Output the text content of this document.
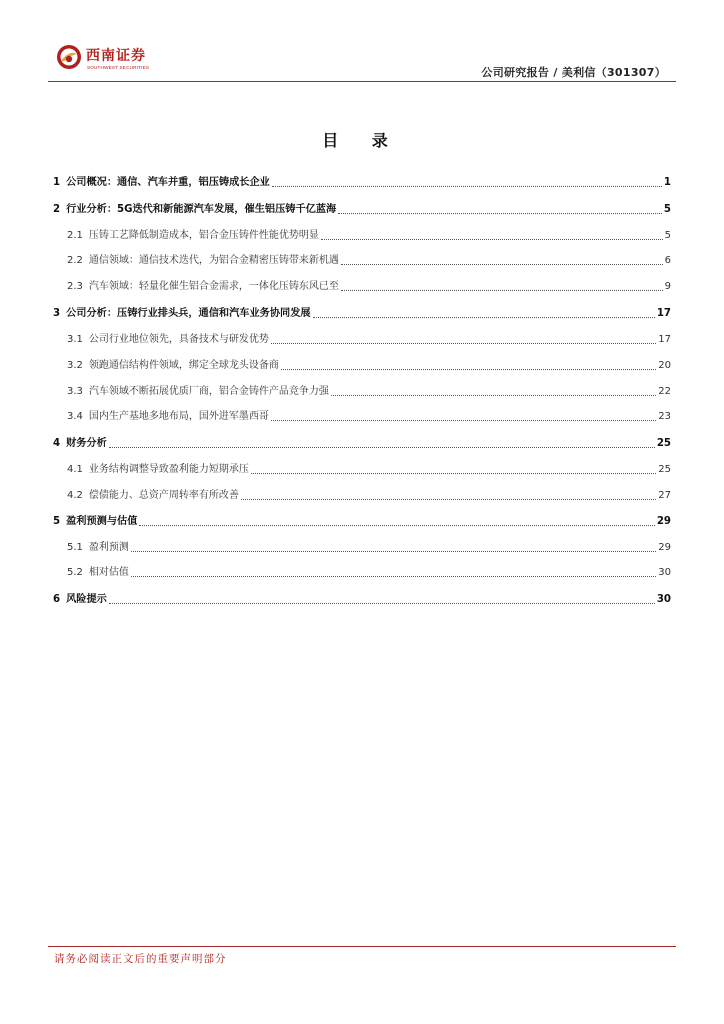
西南证券
SOUTHWEST SECURITIES	公司研究报告 / 美利信（301307）
目 录
1 公司概况：通信、汽车并重，铝压铸成长企业	1
2 行业分析：5G迭代和新能源汽车发展，催生铝压铸千亿蓝海	5
2.1 压铸工艺降低制造成本，铝合金压铸件性能优势明显	5
2.2 通信领域：通信技术迭代，为铝合金精密压铸带来新机遇	6
2.3 汽车领域：轻量化催生铝合金需求，一体化压铸东风已至	9
3 公司分析：压铸行业排头兵，通信和汽车业务协同发展	17
3.1 公司行业地位领先，具备技术与研发优势	17
3.2 领跑通信结构件领域，绑定全球龙头设备商	20
3.3 汽车领域不断拓展优质厂商，铝合金铸件产品竞争力强	22
3.4 国内生产基地多地布局，国外进军墨西哥	23
4 财务分析	25
4.1 业务结构调整导致盈利能力短期承压	25
4.2 偿债能力、总资产周转率有所改善	27
5 盈利预测与估值	29
5.1 盈利预测	29
5.2 相对估值	30
6 风险提示	30
请务必阅读正文后的重要声明部分
